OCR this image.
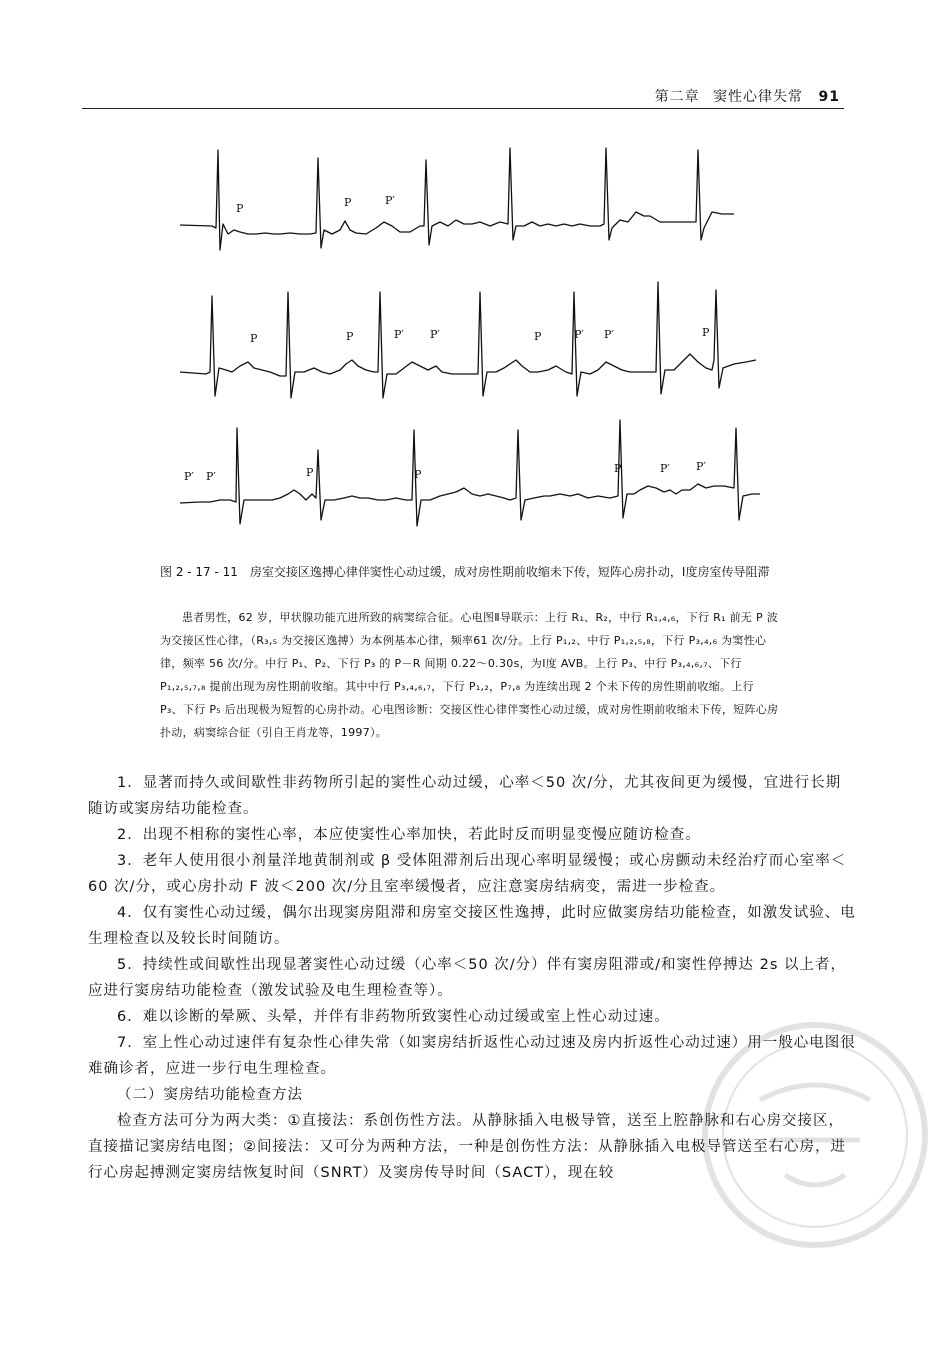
第二章 窦性心律失常 91
P	P	P′
P	P	P′ P′	P	P′ P′	P
P′ P′	P	P	P	P′ P′
图 2 - 17 - 11　房室交接区逸搏心律伴窦性心动过缓，成对房性期前收缩未下传，短阵心房扑动，Ⅰ度房室传导阻滞

患者男性，62 岁，甲状腺功能亢进所致的病窦综合征。心电图Ⅱ导联示：上行 R₁、R₂，中行 R₁,₄,₆，下行 R₁ 前无 P 波为交接区性心律，（R₃,₅ 为交接区逸搏）为本例基本心律，频率61 次/分。上行 P₁,₂、中行 P₁,₂,₅,₈，下行 P₃,₄,₆ 为窦性心律，频率 56 次/分。中行 P₁、P₂、下行 P₃ 的 P－R 间期 0.22～0.30s，为Ⅰ度 AVB。上行 P₃、中行 P₃,₄,₆,₇、下行 P₁,₂,₅,₇,₈ 提前出现为房性期前收缩。其中中行 P₃,₄,₆,₇，下行 P₁,₂，P₇,₈ 为连续出现 2 个未下传的房性期前收缩。上行 P₃、下行 P₅ 后出现极为短暂的心房扑动。心电图诊断：交接区性心律伴窦性心动过缓，成对房性期前收缩未下传，短阵心房扑动，病窦综合征（引自王肖龙等，1997）。

1．显著而持久或间歇性非药物所引起的窦性心动过缓，心率＜50 次/分，尤其夜间更为缓慢，宜进行长期随访或窦房结功能检查。

2．出现不相称的窦性心率，本应使窦性心率加快，若此时反而明显变慢应随访检查。

3．老年人使用很小剂量洋地黄制剂或 β 受体阻滞剂后出现心率明显缓慢；或心房颤动未经治疗而心室率＜60 次/分，或心房扑动 F 波＜200 次/分且室率缓慢者，应注意窦房结病变，需进一步检查。

4．仅有窦性心动过缓，偶尔出现窦房阻滞和房室交接区性逸搏，此时应做窦房结功能检查，如激发试验、电生理检查以及较长时间随访。

5．持续性或间歇性出现显著窦性心动过缓（心率＜50 次/分）伴有窦房阻滞或/和窦性停搏达 2s 以上者，应进行窦房结功能检查（激发试验及电生理检查等）。

6．难以诊断的晕厥、头晕，并伴有非药物所致窦性心动过缓或室上性心动过速。

7．室上性心动过速伴有复杂性心律失常（如窦房结折返性心动过速及房内折返性心动过速）用一般心电图很难确诊者，应进一步行电生理检查。

（二）窦房结功能检查方法

检查方法可分为两大类：①直接法：系创伤性方法。从静脉插入电极导管，送至上腔静脉和右心房交接区，直接描记窦房结电图；②间接法：又可分为两种方法，一种是创伤性方法：从静脉插入电极导管送至右心房，进行心房起搏测定窦房结恢复时间（SNRT）及窦房传导时间（SACT），现在较
